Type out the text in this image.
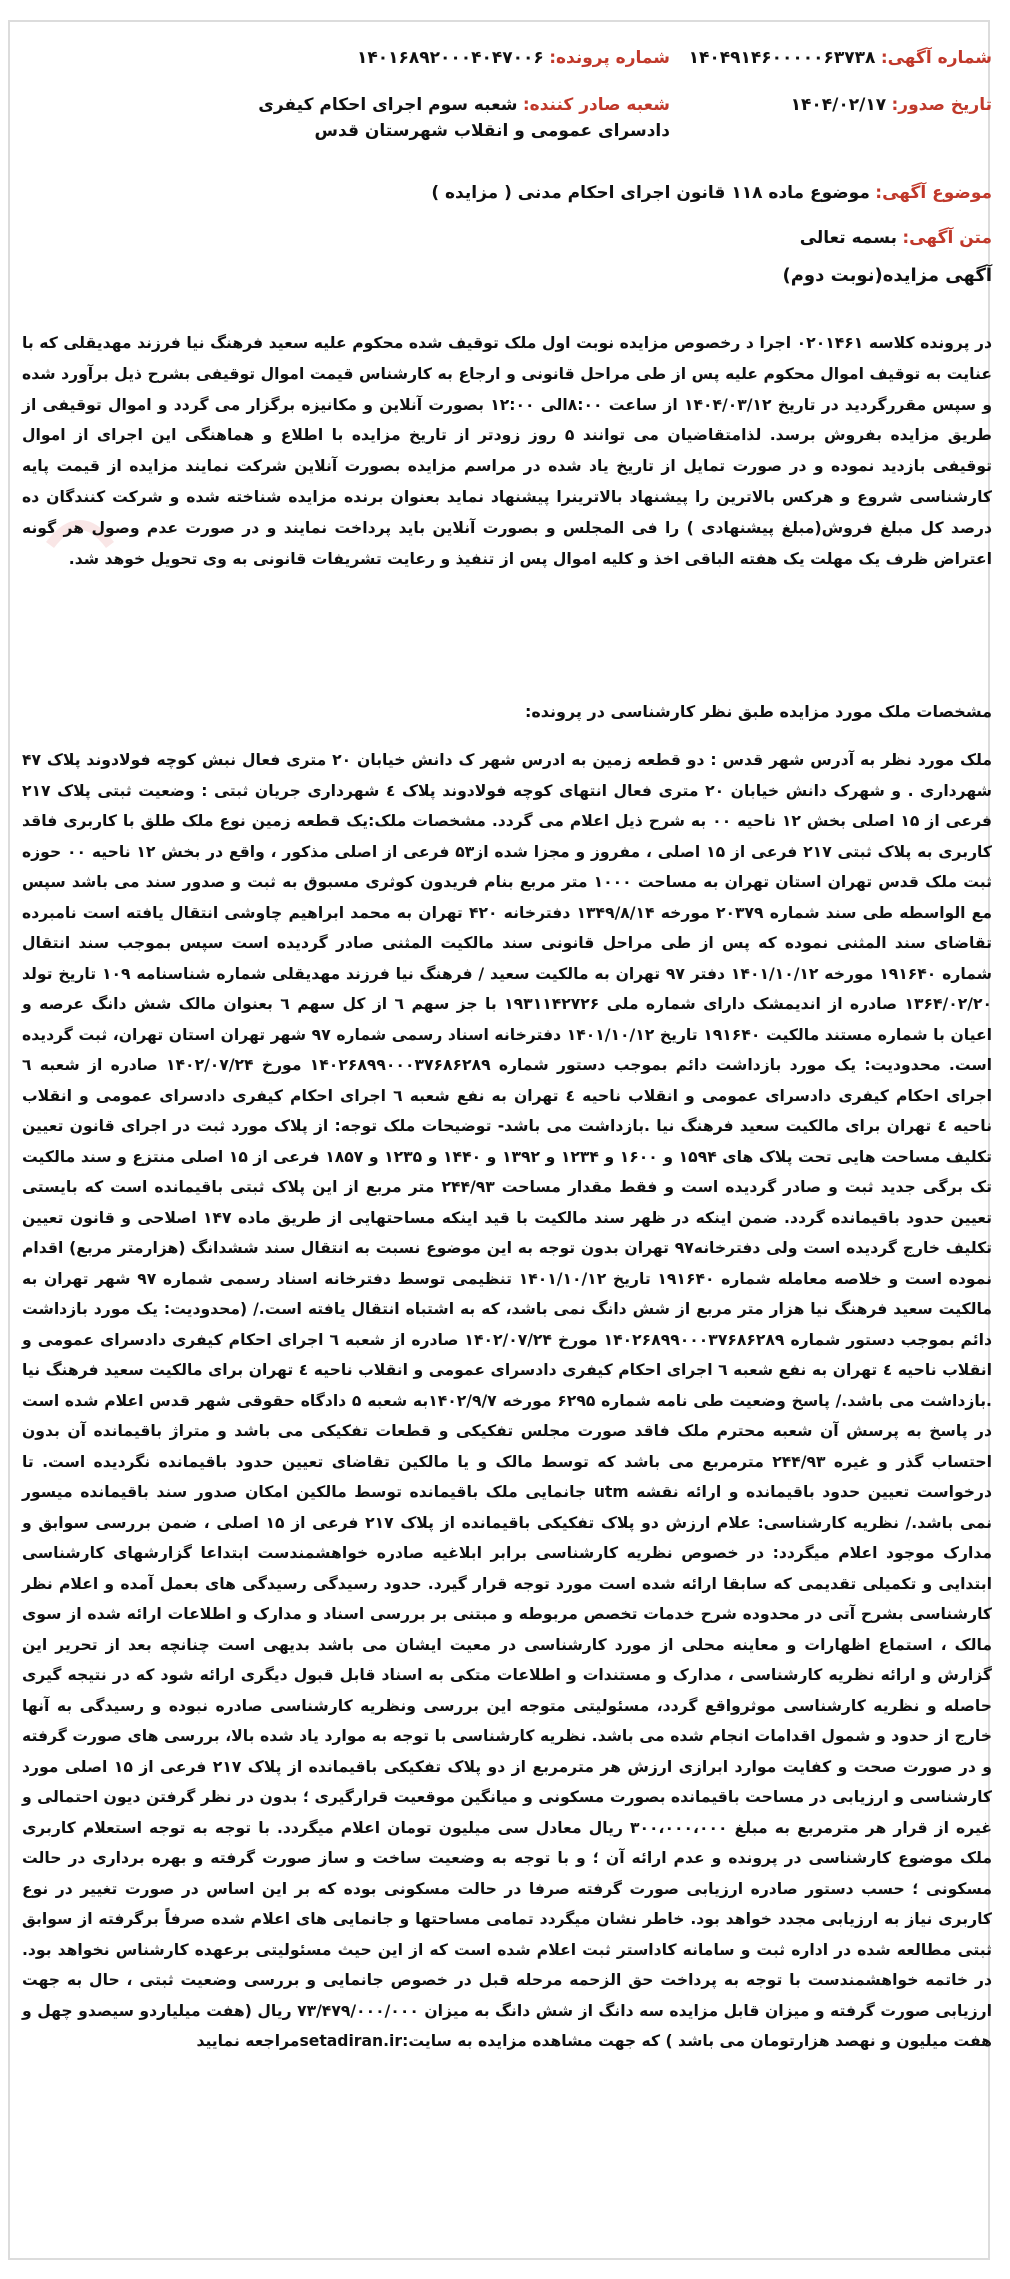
شماره آگهی: ۱۴۰۴۹۱۴۶۰۰۰۰۰۶۳۷۳۸
شماره پرونده: ۱۴۰۱۶۸۹۲۰۰۰۴۰۴۷۰۰۶
تاریخ صدور: ۱۴۰۴/۰۲/۱۷
شعبه صادر کننده: شعبه سوم اجرای احکام کیفری دادسرای عمومی و انقلاب شهرستان قدس
موضوع آگهی: موضوع ماده ۱۱۸ قانون اجرای احکام مدنی ( مزایده )
متن آگهی: بسمه تعالی
آگهی مزایده(نوبت دوم)
در پرونده کلاسه ۰۲۰۱۴۶۱ اجرا د رخصوص مزایده نوبت اول ملک توقیف شده محکوم علیه سعید فرهنگ نیا فرزند مهدیقلی که با عنایت به توقیف اموال محکوم علیه پس از طی مراحل قانونی و ارجاع به کارشناس قیمت اموال توقیفی بشرح ذیل برآورد شده و سپس مقررگردید در تاریخ ۱۴۰۴/۰۳/۱۲ از ساعت ۸:۰۰الی ۱۲:۰۰ بصورت آنلاین و مکانیزه برگزار می گردد و اموال توقیفی از طریق مزایده بفروش برسد. لذامتقاضیان می توانند ۵ روز زودتر از تاریخ مزایده با اطلاع و هماهنگی این اجرای از اموال توقیفی بازدید نموده و در صورت تمایل از تاریخ یاد شده در مراسم مزایده بصورت آنلاین شرکت نمایند مزایده از قیمت پایه کارشناسی شروع و هرکس بالاترین را پیشنهاد بالاترینرا پیشنهاد نماید بعنوان برنده مزایده شناخته شده و شرکت کنندگان ده درصد کل مبلغ فروش(مبلغ پیشنهادی ) را فی المجلس و بصورت آنلاین باید پرداخت نمایند و در صورت عدم وصول هر گونه اعتراض ظرف یک مهلت یک هفته الباقی اخذ و کلیه اموال پس از تنفیذ و رعایت تشریفات قانونی به وی تحویل خوهد شد.
مشخصات ملک مورد مزایده طبق نظر کارشناسی در پرونده:
ملک مورد نظر به آدرس شهر قدس : دو قطعه زمین به ادرس شهر ک دانش خیابان ۲۰ متری فعال نبش کوچه فولادوند پلاک ۴۷ شهرداری . و شهرک دانش خیابان ۲۰ متری فعال انتهای کوچه فولادوند پلاک ٤ شهرداری جریان ثبتی : وضعیت ثبتی پلاک ۲۱۷ فرعی از ۱۵ اصلی بخش ۱۲ ناحیه ۰۰ به شرح ذیل اعلام می گردد. مشخصات ملک:یک قطعه زمین نوع ملک طلق با کاربری فاقد کاربری به پلاک ثبتی ۲۱۷ فرعی از ۱۵ اصلی ، مفروز و مجزا شده از۵۳ فرعی از اصلی مذکور ، واقع در بخش ۱۲ ناحیه ۰۰ حوزه ثبت ملک قدس تهران استان تهران به مساحت ۱۰۰۰ متر مربع بنام فریدون کوثری مسبوق به ثبت و صدور سند می باشد سپس مع الواسطه طی سند شماره ۲۰۳۷۹ مورخه ۱۳۴۹/۸/۱۴ دفترخانه ۴۲۰ تهران به محمد ابراهیم چاوشی انتقال یافته است نامبرده تقاضای سند المثنی نموده که پس از طی مراحل قانونی سند مالکیت المثنی صادر گردیده است سپس بموجب سند انتقال شماره ۱۹۱۶۴۰ مورخه ۱۴۰۱/۱۰/۱۲ دفتر ۹۷ تهران به مالکیت سعید / فرهنگ نیا فرزند مهدیقلی شماره شناسنامه ۱۰۹ تاریخ تولد ۱۳۶۴/۰۲/۲۰ صادره از اندیمشک دارای شماره ملی ۱۹۳۱۱۴۲۷۲۶ با جز سهم ٦ از کل سهم ٦ بعنوان مالک شش دانگ عرصه و اعیان با شماره مستند مالکیت ۱۹۱۶۴۰ تاریخ ۱۴۰۱/۱۰/۱۲ دفترخانه اسناد رسمی شماره ۹۷ شهر تهران استان تهران، ثبت گردیده است. محدودیت: یک مورد بازداشت دائم بموجب دستور شماره ۱۴۰۲۶۸۹۹۰۰۰۳۷۶۸۶۲۸۹ مورخ ۱۴۰۲/۰۷/۲۴ صادره از شعبه ٦ اجرای احکام کیفری دادسرای عمومی و انقلاب ناحیه ٤ تهران به نفع شعبه ٦ اجرای احکام کیفری دادسرای عمومی و انقلاب ناحیه ٤ تهران برای مالکیت سعید فرهنگ نیا .بازداشت می باشد- توضیحات ملک توجه: از پلاک مورد ثبت در اجرای قانون تعیین تکلیف مساحت هایی تحت پلاک های ۱۵۹۴ و ۱۶۰۰ و ۱۲۳۴ و ۱۳۹۲ و ۱۴۴۰ و ۱۲۳۵ و ۱۸۵۷ فرعی از ۱۵ اصلی منتزع و سند مالکیت تک برگی جدید ثبت و صادر گردیده است و فقط مقدار مساحت ۲۴۴/۹۳ متر مربع از این پلاک ثبتی باقیمانده است که بایستی تعیین حدود باقیمانده گردد. ضمن اینکه در ظهر سند مالکیت با قید اینکه مساحتهایی از طریق ماده ۱۴۷ اصلاحی و قانون تعیین تکلیف خارج گردیده است ولی دفترخانه۹۷ تهران بدون توجه به این موضوع نسبت به انتقال سند ششدانگ (هزارمتر مربع) اقدام نموده است و خلاصه معامله شماره ۱۹۱۶۴۰ تاریخ ۱۴۰۱/۱۰/۱۲ تنظیمی توسط دفترخانه اسناد رسمی شماره ۹۷ شهر تهران به مالکیت سعید فرهنگ نیا هزار متر مربع از شش دانگ نمی باشد، که به اشتباه انتقال یافته است./ (محدودیت: یک مورد بازداشت دائم بموجب دستور شماره ۱۴۰۲۶۸۹۹۰۰۰۳۷۶۸۶۲۸۹ مورخ ۱۴۰۲/۰۷/۲۴ صادره از شعبه ٦ اجرای احکام کیفری دادسرای عمومی و انقلاب ناحیه ٤ تهران به نفع شعبه ٦ اجرای احکام کیفری دادسرای عمومی و انقلاب ناحیه ٤ تهران برای مالکیت سعید فرهنگ نیا .بازداشت می باشد./ پاسخ وضعیت طی نامه شماره ۶۲۹۵ مورخه ۱۴۰۲/۹/۷به شعبه ۵ دادگاه حقوقی شهر قدس اعلام شده است در پاسخ به پرسش آن شعبه محترم ملک فاقد صورت مجلس تفکیکی و قطعات تفکیکی می باشد و متراژ باقیمانده آن بدون احتساب گذر و غیره ۲۴۴/۹۳ مترمربع می باشد که توسط مالک و یا مالکین تقاضای تعیین حدود باقیمانده نگردیده است. تا درخواست تعیین حدود باقیمانده و ارائه نقشه utm جانمایی ملک باقیمانده توسط مالکین امکان صدور سند باقیمانده میسور نمی باشد./ نظریه کارشناسی: علام ارزش دو پلاک تفکیکی باقیمانده از پلاک ۲۱۷ فرعی از ۱۵ اصلی ، ضمن بررسی سوابق و مدارک موجود اعلام میگردد: در خصوص نظریه کارشناسی برابر ابلاغیه صادره خواهشمندست ابتداعا گزارشهای کارشناسی ابتدایی و تکمیلی تقدیمی که سابقا ارائه شده است مورد توجه قرار گیرد. حدود رسیدگی رسیدگی های بعمل آمده و اعلام نظر کارشناسی بشرح آتی در محدوده شرح خدمات تخصص مربوطه و مبتنی بر بررسی اسناد و مدارک و اطلاعات ارائه شده از سوی مالک ، استماع اظهارات و معاینه محلی از مورد کارشناسی در معیت ایشان می باشد بدیهی است چنانچه بعد از تحریر این گزارش و ارائه نظریه کارشناسی ، مدارک و مستندات و اطلاعات متکی به اسناد قابل قبول دیگری ارائه شود که در نتیجه گیری حاصله و نظریه کارشناسی موثرواقع گردد، مسئولیتی متوجه این بررسی ونظریه کارشناسی صادره نبوده و رسیدگی به آنها خارج از حدود و شمول اقدامات انجام شده می باشد. نظریه کارشناسی با توجه به موارد یاد شده بالا، بررسی های صورت گرفته و در صورت صحت و کفایت موارد ابرازی ارزش هر مترمربع از دو پلاک تفکیکی باقیمانده از پلاک ۲۱۷ فرعی از ۱۵ اصلی مورد کارشناسی و ارزیابی در مساحت باقیمانده بصورت مسکونی و میانگین موقعیت قرارگیری ؛ بدون در نظر گرفتن دیون احتمالی و غیره از قرار هر مترمربع به مبلغ ۳۰۰،۰۰۰،۰۰۰ ریال معادل سی میلیون تومان اعلام میگردد. با توجه به توجه استعلام کاربری ملک موضوع کارشناسی در پرونده و عدم ارائه آن ؛ و با توجه به وضعیت ساخت و ساز صورت گرفته و بهره برداری در حالت مسکونی ؛ حسب دستور صادره ارزیابی صورت گرفته صرفا در حالت مسکونی بوده که بر این اساس در صورت تغییر در نوع کاربری نیاز به ارزیابی مجدد خواهد بود. خاطر نشان میگردد تمامی مساحتها و جانمایی های اعلام شده صرفاً برگرفته از سوابق ثبتی مطالعه شده در اداره ثبت و سامانه کاداستر ثبت اعلام شده است که از این حیث مسئولیتی برعهده کارشناس نخواهد بود. در خاتمه خواهشمندست با توجه به پرداخت حق الزحمه مرحله قبل در خصوص جانمایی و بررسی وضعیت ثبتی ، حال به جهت ارزیابی صورت گرفته و میزان قابل مزایده سه دانگ از شش دانگ به میزان ۷۳/۴۷۹/۰۰۰/۰۰۰ ریال (هفت میلیاردو سیصدو چهل و هفت میلیون و نهصد هزارتومان می باشد ) که جهت مشاهده مزایده به سایت:setadiran.irمراجعه نمایید
